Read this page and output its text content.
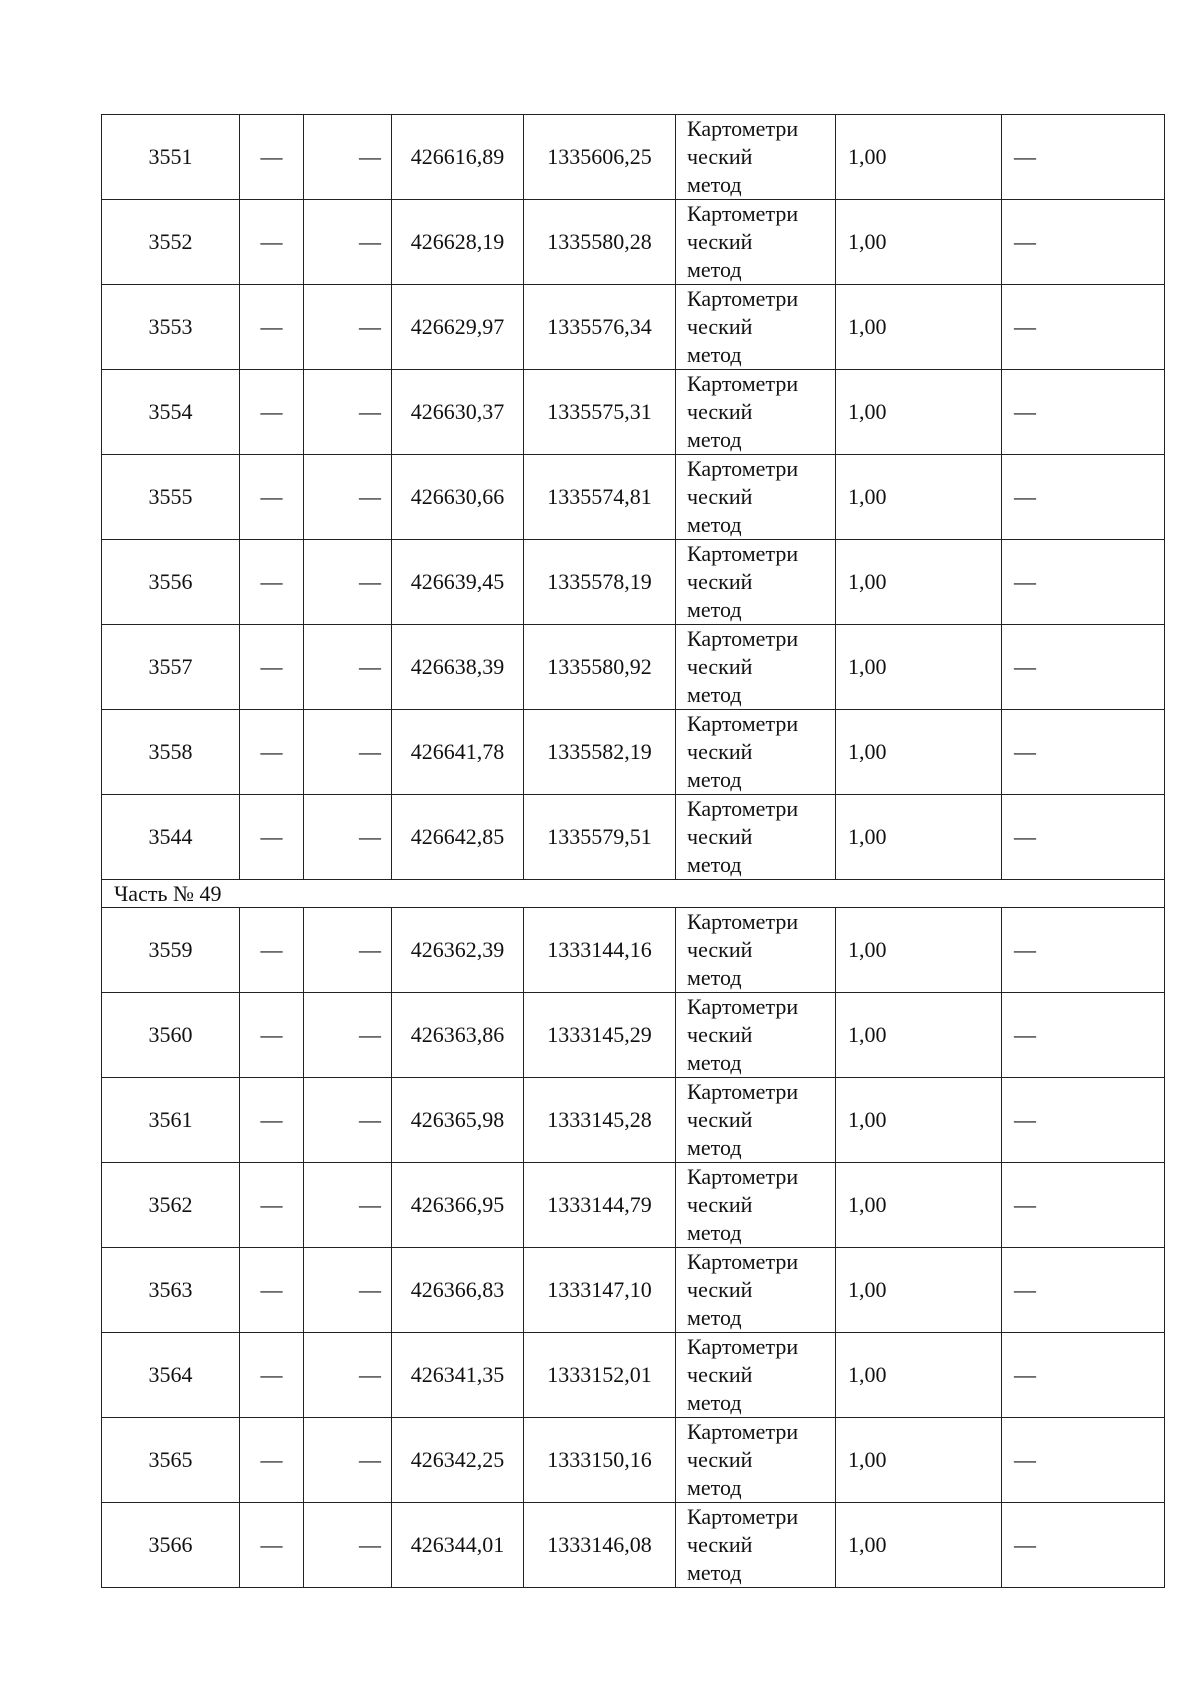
3551	—	—	426616,89	1335606,25	Картометри
ческий
метод	1,00	—
3552	—	—	426628,19	1335580,28	Картометри
ческий
метод	1,00	—
3553	—	—	426629,97	1335576,34	Картометри
ческий
метод	1,00	—
3554	—	—	426630,37	1335575,31	Картометри
ческий
метод	1,00	—
3555	—	—	426630,66	1335574,81	Картометри
ческий
метод	1,00	—
3556	—	—	426639,45	1335578,19	Картометри
ческий
метод	1,00	—
3557	—	—	426638,39	1335580,92	Картометри
ческий
метод	1,00	—
3558	—	—	426641,78	1335582,19	Картометри
ческий
метод	1,00	—
3544	—	—	426642,85	1335579,51	Картометри
ческий
метод	1,00	—
Часть № 49							
3559	—	—	426362,39	1333144,16	Картометри
ческий
метод	1,00	—
3560	—	—	426363,86	1333145,29	Картометри
ческий
метод	1,00	—
3561	—	—	426365,98	1333145,28	Картометри
ческий
метод	1,00	—
3562	—	—	426366,95	1333144,79	Картометри
ческий
метод	1,00	—
3563	—	—	426366,83	1333147,10	Картометри
ческий
метод	1,00	—
3564	—	—	426341,35	1333152,01	Картометри
ческий
метод	1,00	—
3565	—	—	426342,25	1333150,16	Картометри
ческий
метод	1,00	—
3566	—	—	426344,01	1333146,08	Картометри
ческий
метод	1,00	—
